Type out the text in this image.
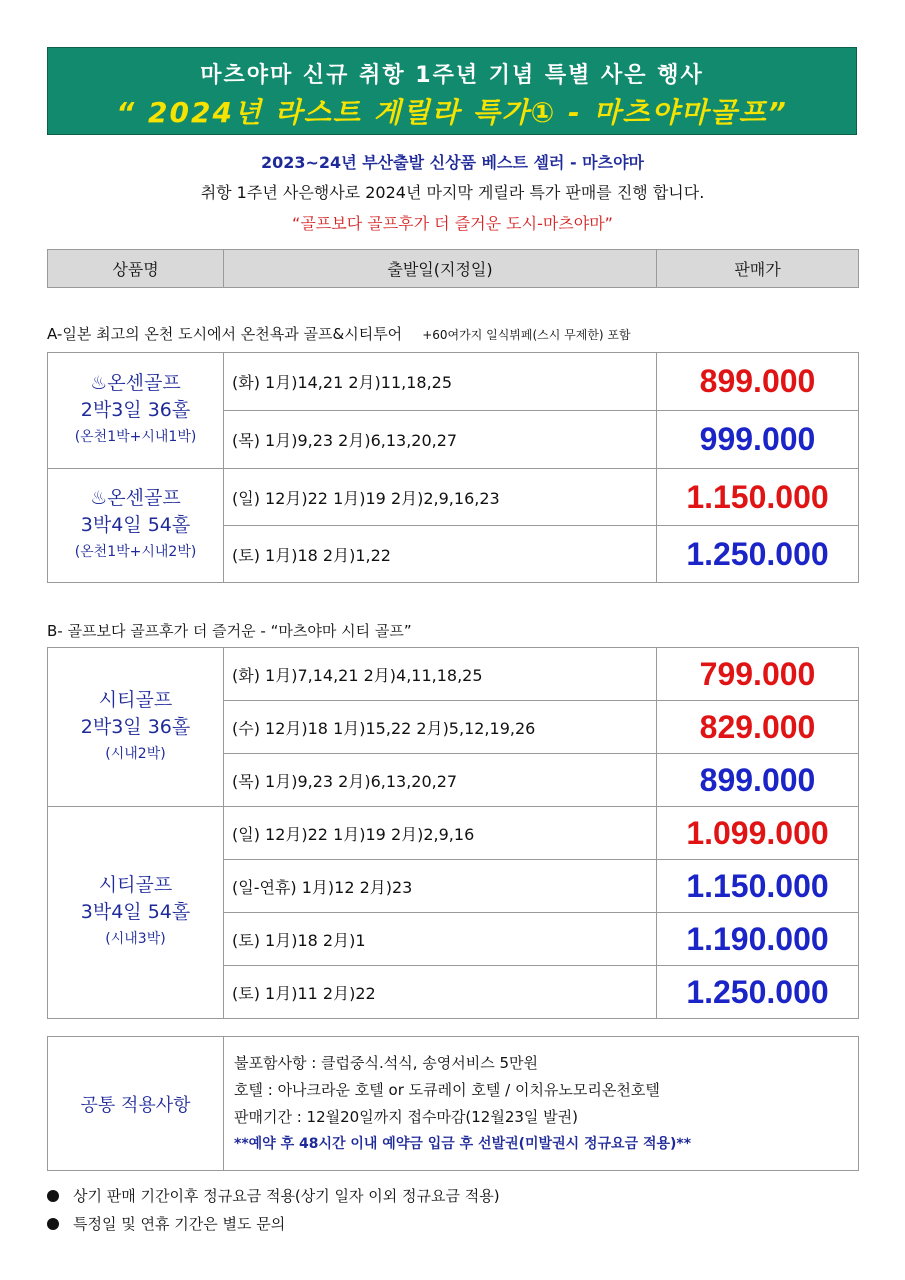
마츠야마 신규 취항 1주년 기념 특별 사은 행사
“ 2024년 라스트 게릴라 특가① - 마츠야마골프”
2023~24년 부산출발 신상품 베스트 셀러 - 마츠야마
취항 1주년 사은행사로 2024년 마지막 게릴라 특가 판매를 진행 합니다.
“골프보다 골프후가 더 즐거운 도시-마츠야마”
상품명	출발일(지정일)	판매가
A-일본 최고의 온천 도시에서 온천욕과 골프&시티투어 +60여가지 일식뷔페(스시 무제한) 포함
♨온센골프
2박3일 36홀
(온천1박+시내1박)	(화) 1月)14,21 2月)11,18,25	899.000
	(목) 1月)9,23 2月)6,13,20,27	999.000

♨온센골프
3박4일 54홀
(온천1박+시내2박)	(일) 12月)22 1月)19 2月)2,9,16,23	1.150.000
	(토) 1月)18 2月)1,22	1.250.000
B- 골프보다 골프후가 더 즐거운 - “마츠야마 시티 골프”
시티골프
2박3일 36홀
(시내2박)	(화) 1月)7,14,21 2月)4,11,18,25	799.000
	(수) 12月)18 1月)15,22 2月)5,12,19,26	829.000
	(목) 1月)9,23 2月)6,13,20,27	899.000

시티골프
3박4일 54홀
(시내3박)	(일) 12月)22 1月)19 2月)2,9,16	1.099.000
	(일-연휴) 1月)12 2月)23	1.150.000
	(토) 1月)18 2月)1	1.190.000
	(토) 1月)11 2月)22	1.250.000
공통 적용사항	
불포함사항 : 클럽중식.석식, 송영서비스 5만원
호텔 : 아나크라운 호텔 or 도큐레이 호텔 / 이치유노모리온천호텔
판매기간 : 12월20일까지 접수마감(12월23일 발권)
**예약 후 48시간 이내 예약금 입금 후 선발권(미발권시 정규요금 적용)**
상기 판매 기간이후 정규요금 적용(상기 일자 이외 정규요금 적용)
특정일 및 연휴 기간은 별도 문의
